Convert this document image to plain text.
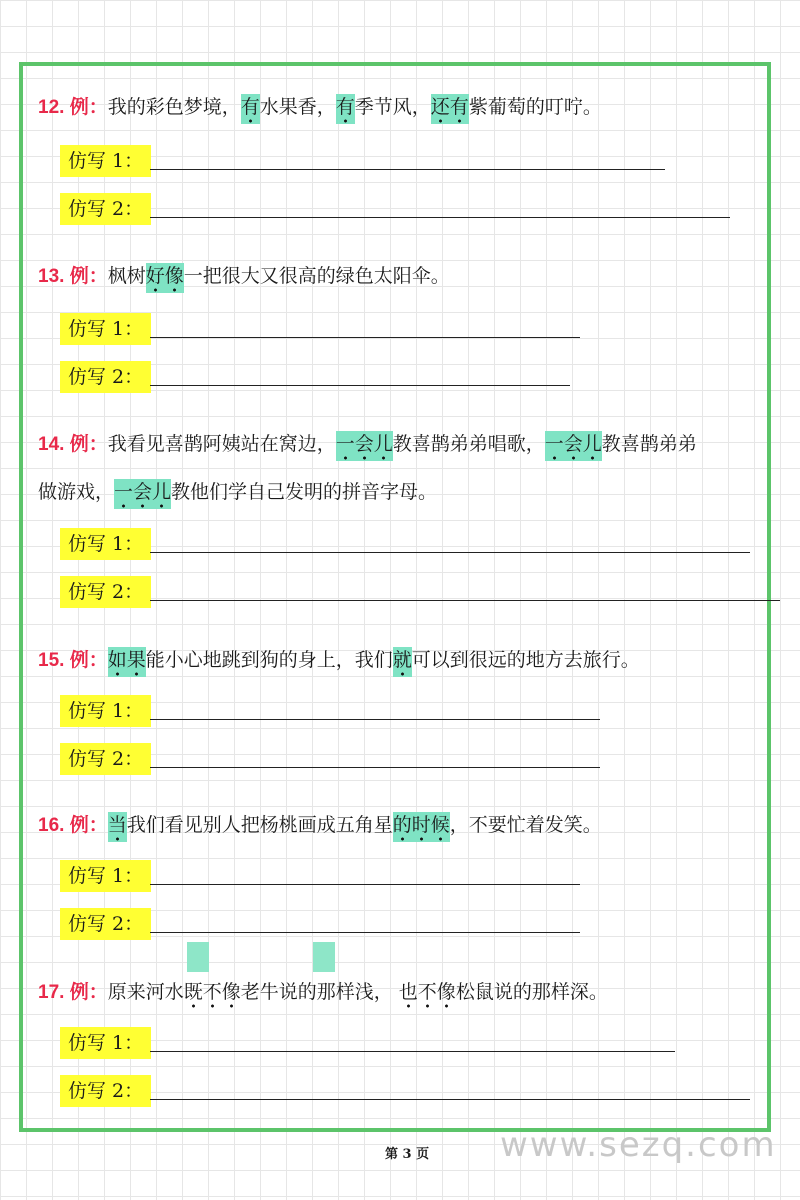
12. 例：我的彩色梦境，有水果香，有季节风，还有紫葡萄的叮咛。
仿写 1：
仿写 2：
13. 例：枫树好像一把很大又很高的绿色太阳伞。
仿写 1：
仿写 2：
14. 例：我看见喜鹊阿姨站在窝边，一会儿教喜鹊弟弟唱歌，一会儿教喜鹊弟弟
做游戏，一会儿教他们学自己发明的拼音字母。
仿写 1：
仿写 2：
15. 例：如果能小心地跳到狗的身上，我们就可以到很远的地方去旅行。
仿写 1：
仿写 2：
16. 例：当我们看见别人把杨桃画成五角星的时候，不要忙着发笑。
仿写 1：
仿写 2：
17. 例：原来河水既不像老牛说的那样浅， 也不像松鼠说的那样深。
仿写 1：
仿写 2：
第 3 页 www.sezq.com
